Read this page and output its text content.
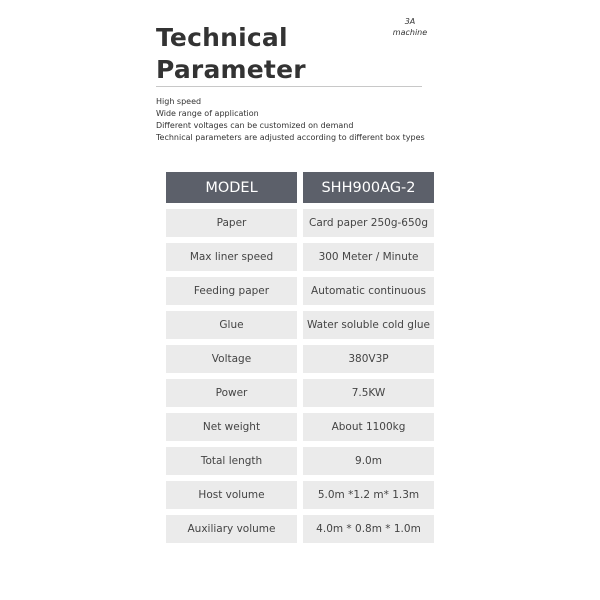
Technical
Parameter
3A
machine
High speed
Wide range of application
Different voltages can be customized on demand
Technical parameters are adjusted according to different box types
MODEL	SHH900AG-2
Paper	Card paper 250g-650g
Max liner speed	300 Meter / Minute
Feeding paper	Automatic continuous
Glue	Water soluble cold glue
Voltage	380V3P
Power	7.5KW
Net weight	About 1100kg
Total length	9.0m
Host volume	5.0m *1.2 m* 1.3m
Auxiliary volume	4.0m * 0.8m * 1.0m
